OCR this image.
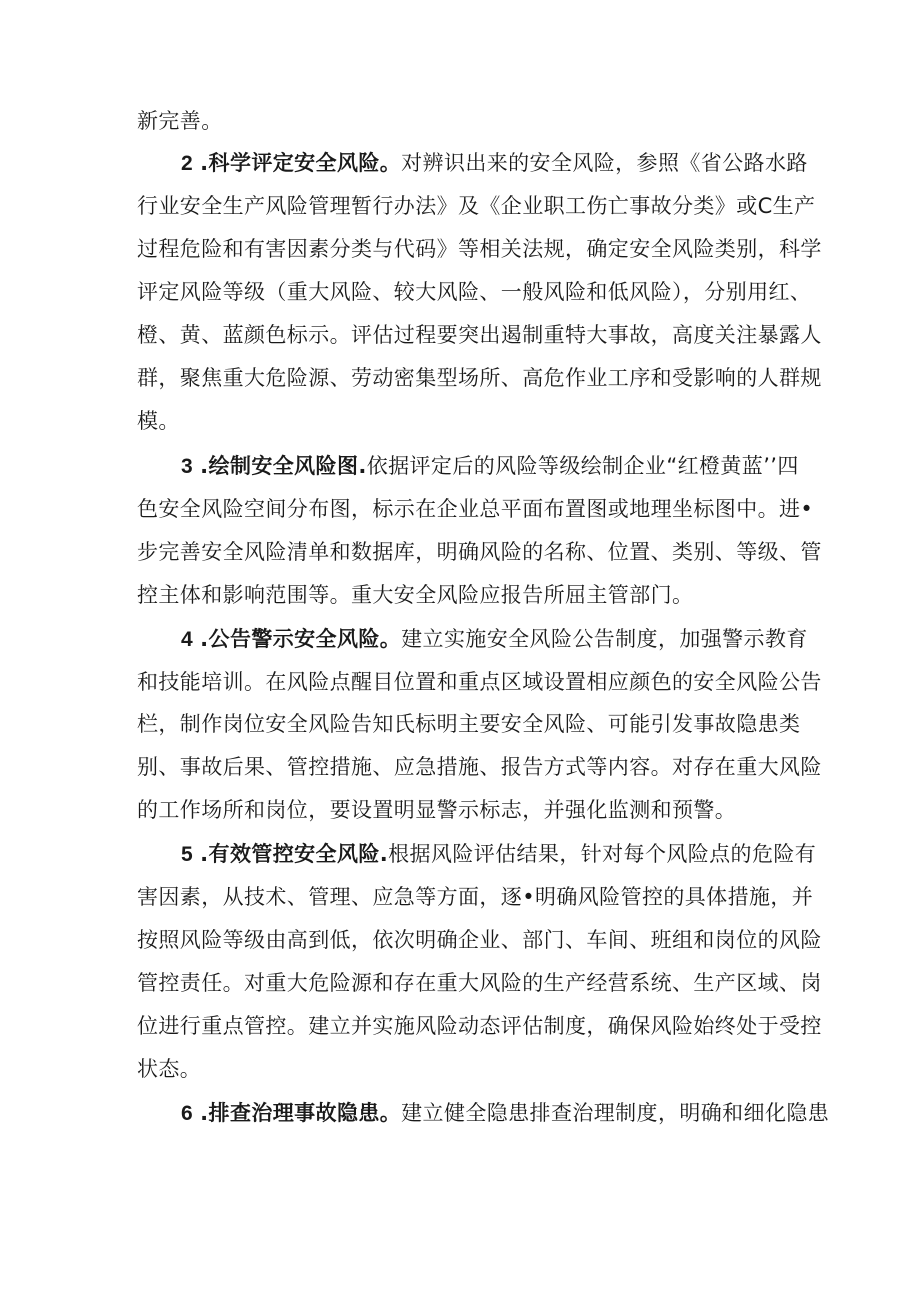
新完善。
2 .科学评定安全风险。对辨识出来的安全风险，参照《省公路水路
行业安全生产风险管理暂行办法》及《企业职工伤亡事故分类》或C生产
过程危险和有害因素分类与代码》等相关法规，确定安全风险类别，科学
评定风险等级（重大风险、较大风险、一般风险和低风险），分别用红、
橙、黄、蓝颜色标示。评估过程要突出遏制重特大事故，高度关注暴露人
群，聚焦重大危险源、劳动密集型场所、高危作业工序和受影响的人群规
模。
3 .绘制安全风险图.依据评定后的风险等级绘制企业“红橙黄蓝’’四
色安全风险空间分布图，标示在企业总平面布置图或地理坐标图中。进•
步完善安全风险清单和数据库，明确风险的名称、位置、类别、等级、管
控主体和影响范围等。重大安全风险应报告所屈主管部门。
4 .公告警示安全风险。建立实施安全风险公告制度，加强警示教育
和技能培训。在风险点醒目位置和重点区域设置相应颜色的安全风险公告
栏，制作岗位安全风险告知氏标明主要安全风险、可能引发事故隐患类
别、事故后果、管控措施、应急措施、报告方式等内容。对存在重大风险
的工作场所和岗位，要设置明显警示标志，并强化监测和预警。
5 .有效管控安全风险.根据风险评估结果，针对每个风险点的危险有
害因素，从技术、管理、应急等方面，逐•明确风险管控的具体措施，并
按照风险等级由高到低，依次明确企业、部门、车间、班组和岗位的风险
管控责任。对重大危险源和存在重大风险的生产经营系统、生产区域、岗
位进行重点管控。建立并实施风险动态评估制度，确保风险始终处于受控
状态。
6 .排查治理事故隐患。建立健全隐患排查治理制度，明确和细化隐患
